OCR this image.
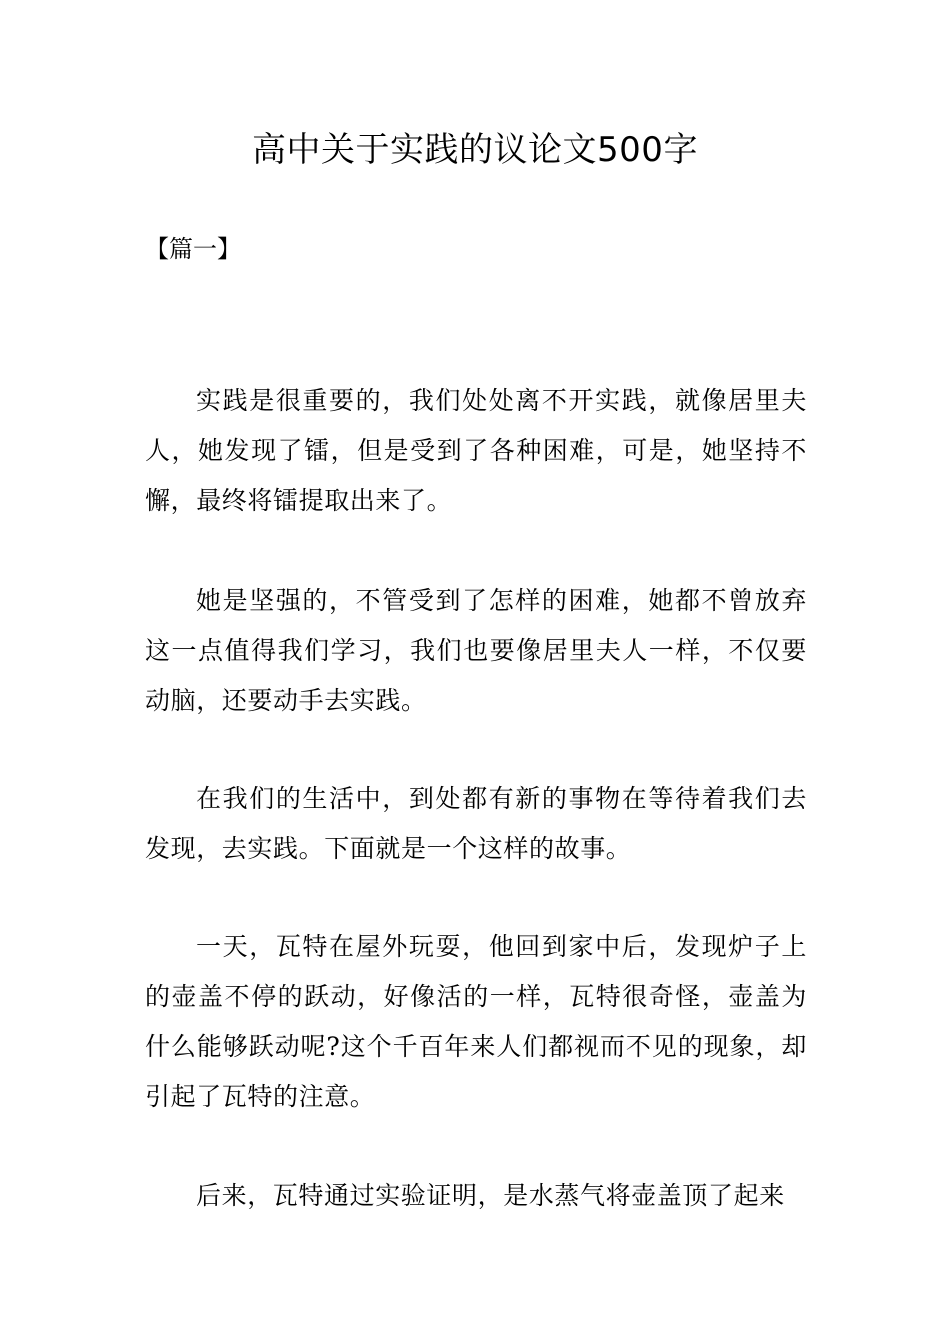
高中关于实践的议论文500字

【篇一】

实践是很重要的，我们处处离不开实践，就像居里夫人，她发现了镭，但是受到了各种困难，可是，她坚持不懈，最终将镭提取出来了。

她是坚强的，不管受到了怎样的困难，她都不曾放弃这一点值得我们学习，我们也要像居里夫人一样，不仅要动脑，还要动手去实践。

在我们的生活中，到处都有新的事物在等待着我们去发现，去实践。下面就是一个这样的故事。

一天，瓦特在屋外玩耍，他回到家中后，发现炉子上的壶盖不停的跃动，好像活的一样，瓦特很奇怪，壶盖为什么能够跃动呢?这个千百年来人们都视而不见的现象，却引起了瓦特的注意。

后来，瓦特通过实验证明，是水蒸气将壶盖顶了起来
